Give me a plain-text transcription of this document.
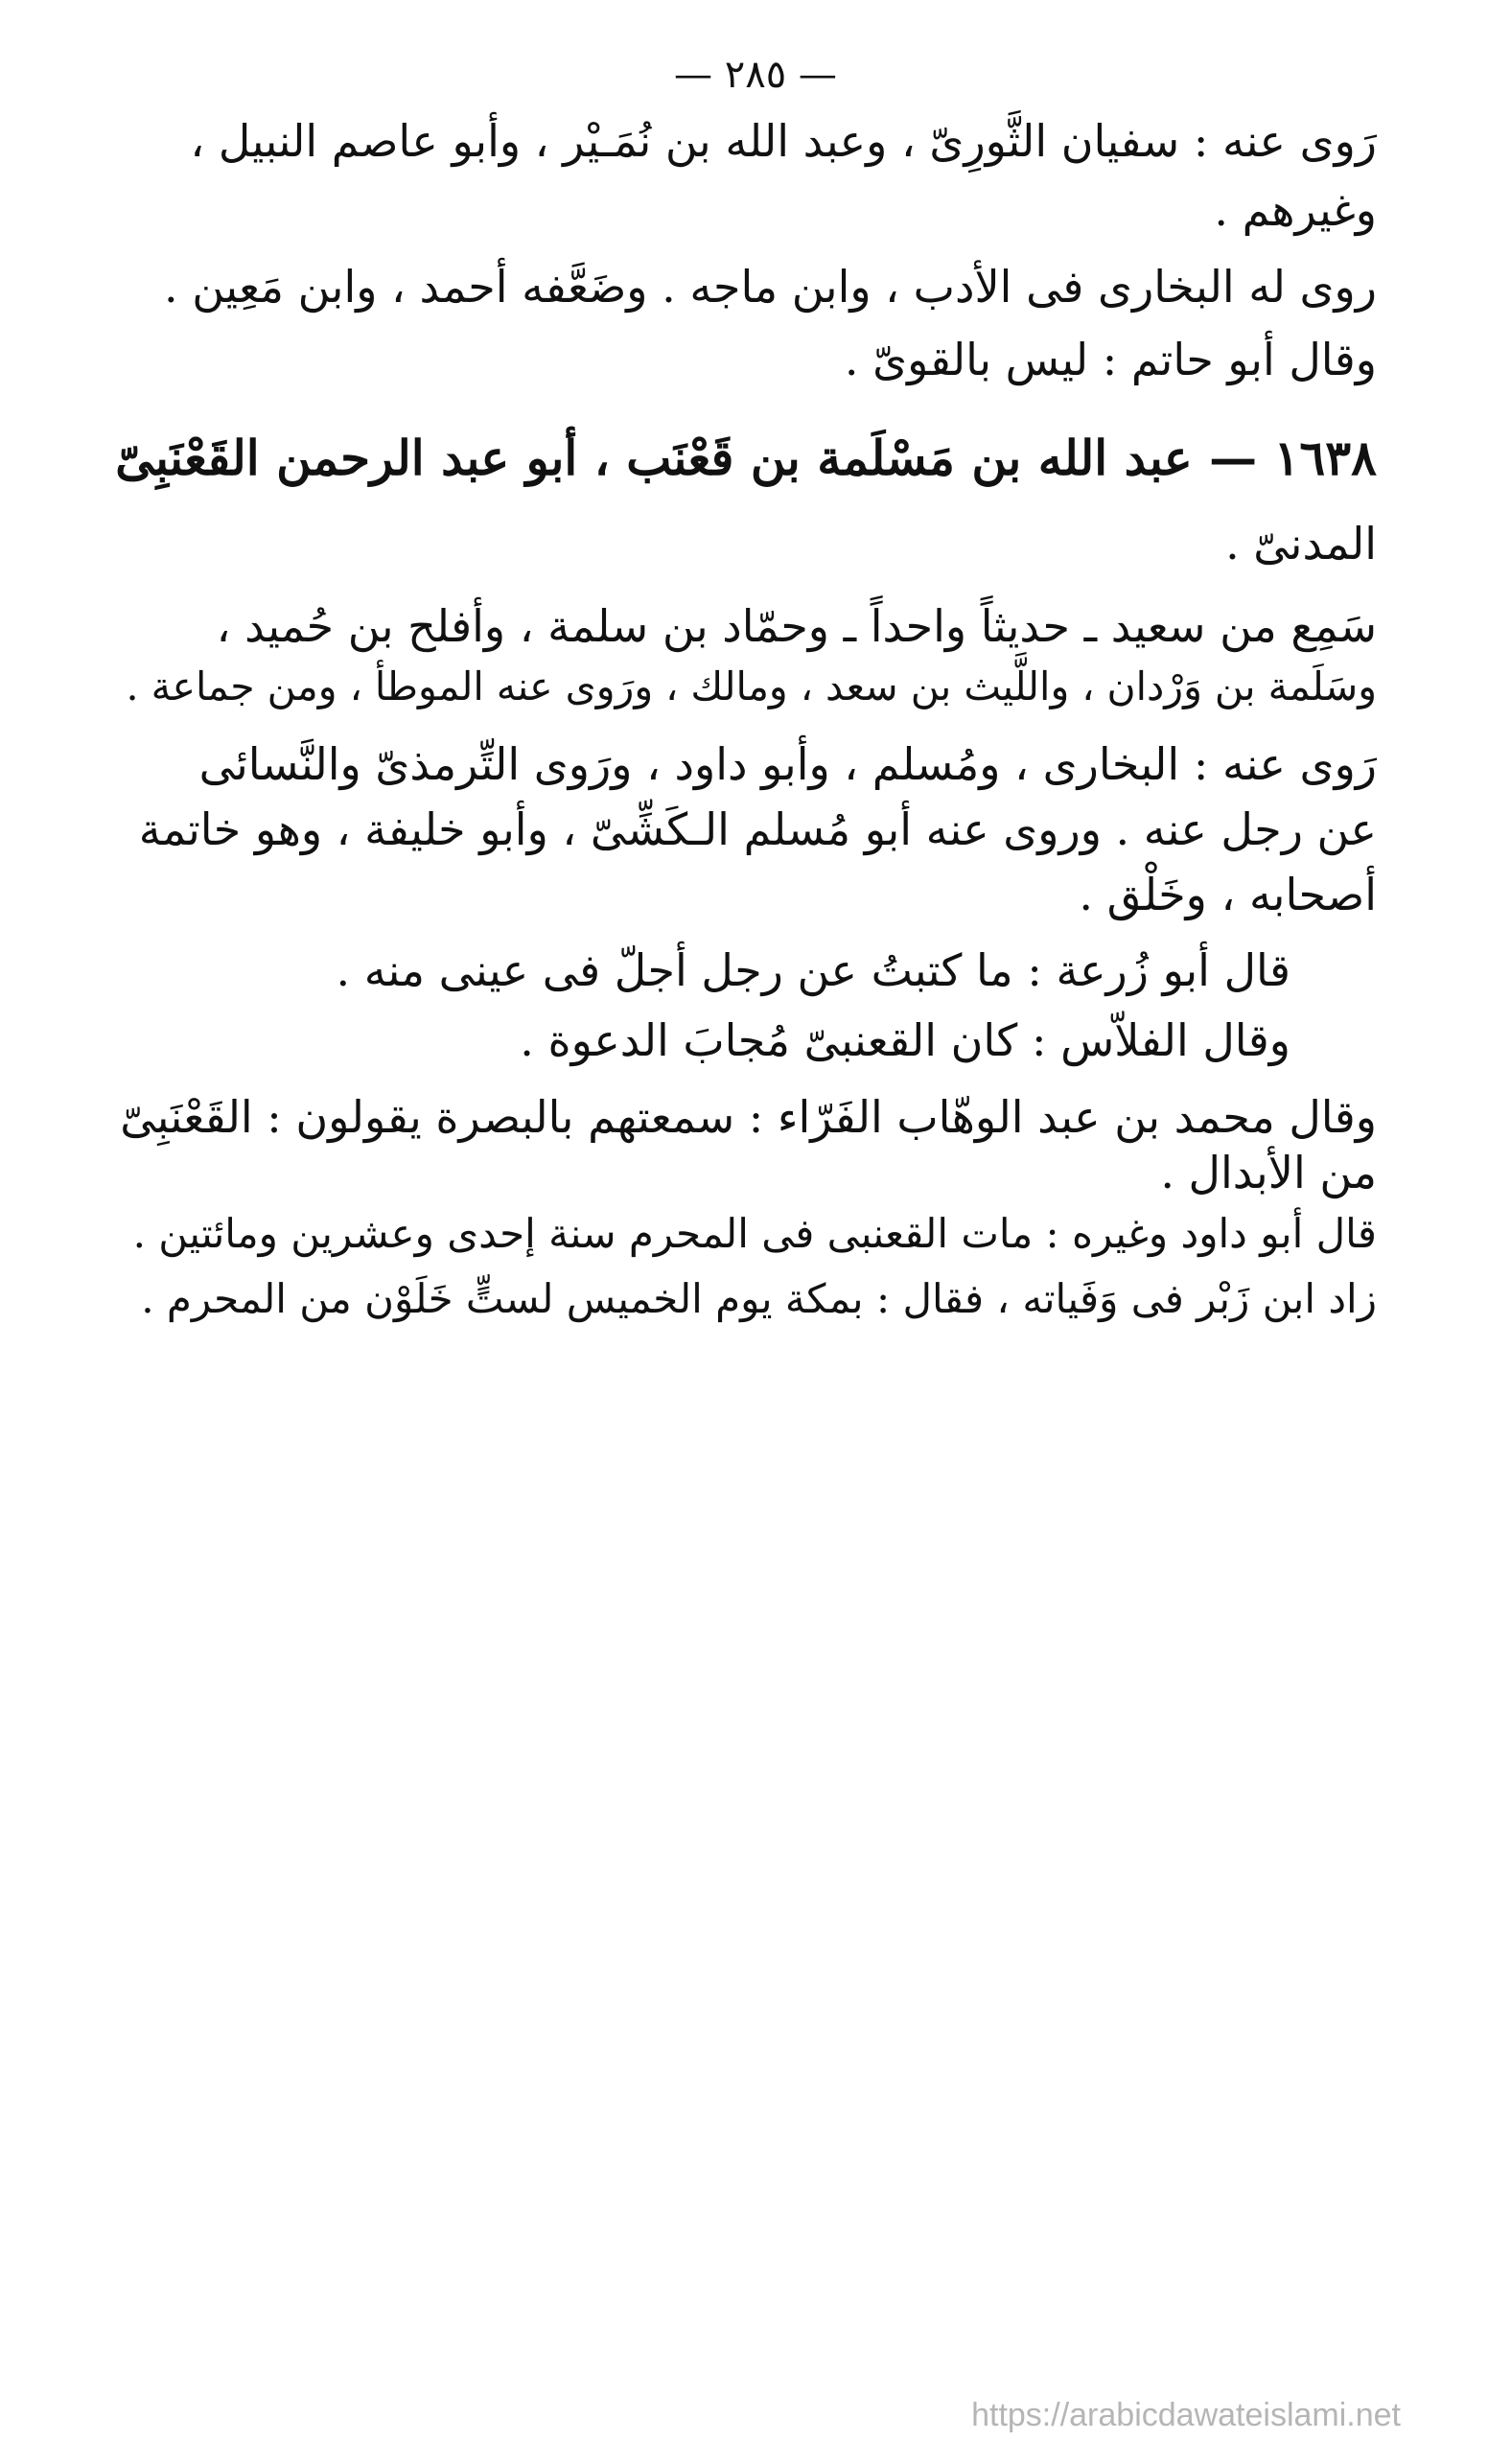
— ٢٨٥ —
رَوى عنه : سفيان الثَّورِىّ ، وعبد الله بن نُمَـيْر ، وأبو عاصم النبيل ،
وغيرهم .
روى له البخارى فى الأدب ، وابن ماجه . وضَعَّفه أحمد ، وابن مَعِين .
وقال أبو حاتم : ليس بالقوىّ .
١٦٣٨ — عبد الله بن مَسْلَمة بن قَعْنَب ، أبو عبد الرحمن القَعْنَبِىّ
المدنىّ .
سَمِع من سعيد ـ حديثاً واحداً ـ وحمّاد بن سلمة ، وأفلح بن حُميد ،
وسَلَمة بن وَرْدان ، واللَّيث بن سعد ، ومالك ، ورَوى عنه الموطأ ، ومن جماعة .
رَوى عنه : البخارى ، ومُسلم ، وأبو داود ، ورَوى التِّرمذىّ والنَّسائى
عن رجل عنه . وروى عنه أبو مُسلم الـكَشِّىّ ، وأبو خليفة ، وهو خاتمة
أصحابه ، وخَلْق .
قال أبو زُرعة : ما كتبتُ عن رجل أجلّ فى عينى منه .
وقال الفلاّس : كان القعنبىّ مُجابَ الدعوة .
وقال محمد بن عبد الوهّاب الفَرّاء : سمعتهم بالبصرة يقولون : القَعْنَبِىّ
من الأبدال .
قال أبو داود وغيره : مات القعنبى فى المحرم سنة إحدى وعشرين ومائتين .
زاد ابن زَبْر فى وَفَياته ، فقال : بمكة يوم الخميس لستٍّ خَلَوْن من المحرم .
https://arabicdawateislami.net
